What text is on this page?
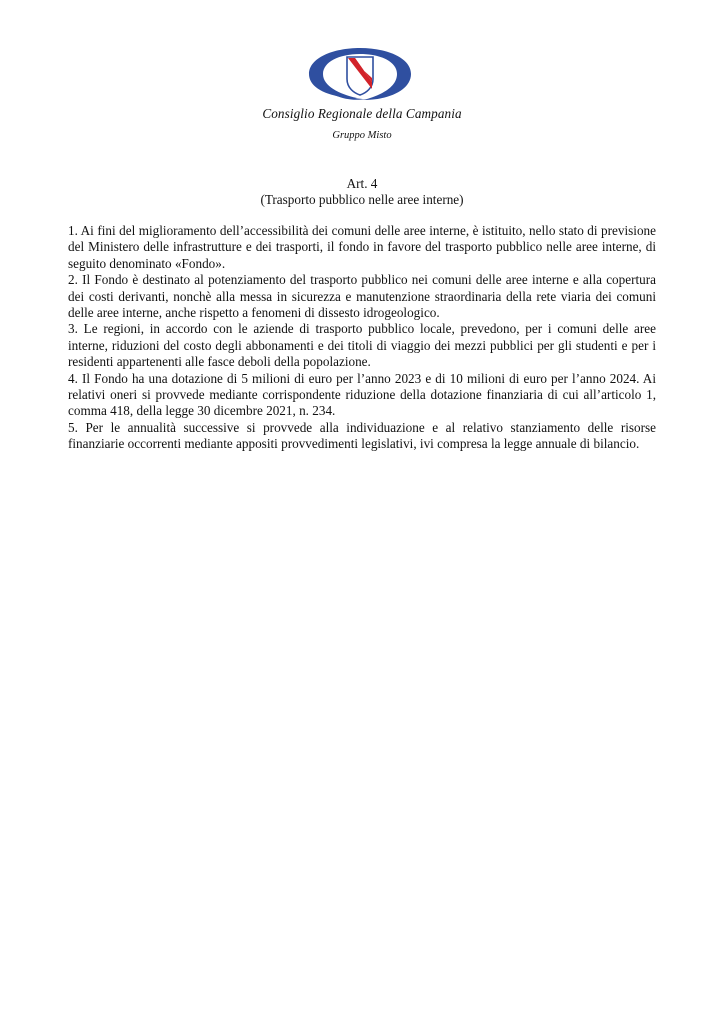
Consiglio Regionale della Campania
Gruppo Misto
Art. 4
(Trasporto pubblico nelle aree interne)

1. Ai fini del miglioramento dell’accessibilità dei comuni delle aree interne, è istituito, nello stato di previsione del Ministero delle infrastrutture e dei trasporti, il fondo in favore del trasporto pubblico nelle aree interne, di seguito denominato «Fondo».

2. Il Fondo è destinato al potenziamento del trasporto pubblico nei comuni delle aree interne e alla copertura dei costi derivanti, nonchè alla messa in sicurezza e manutenzione straordinaria della rete viaria dei comuni delle aree interne, anche rispetto a fenomeni di dissesto idrogeologico.

3. Le regioni, in accordo con le aziende di trasporto pubblico locale, prevedono, per i comuni delle aree interne, riduzioni del costo degli abbonamenti e dei titoli di viaggio dei mezzi pubblici per gli studenti e per i residenti appartenenti alle fasce deboli della popolazione.

4. Il Fondo ha una dotazione di 5 milioni di euro per l’anno 2023 e di 10 milioni di euro per l’anno 2024. Ai relativi oneri si provvede mediante corrispondente riduzione della dotazione finanziaria di cui all’articolo 1, comma 418, della legge 30 dicembre 2021, n. 234.

5. Per le annualità successive si provvede alla individuazione e al relativo stanziamento delle risorse finanziarie occorrenti mediante appositi provvedimenti legislativi, ivi compresa la legge annuale di bilancio.
